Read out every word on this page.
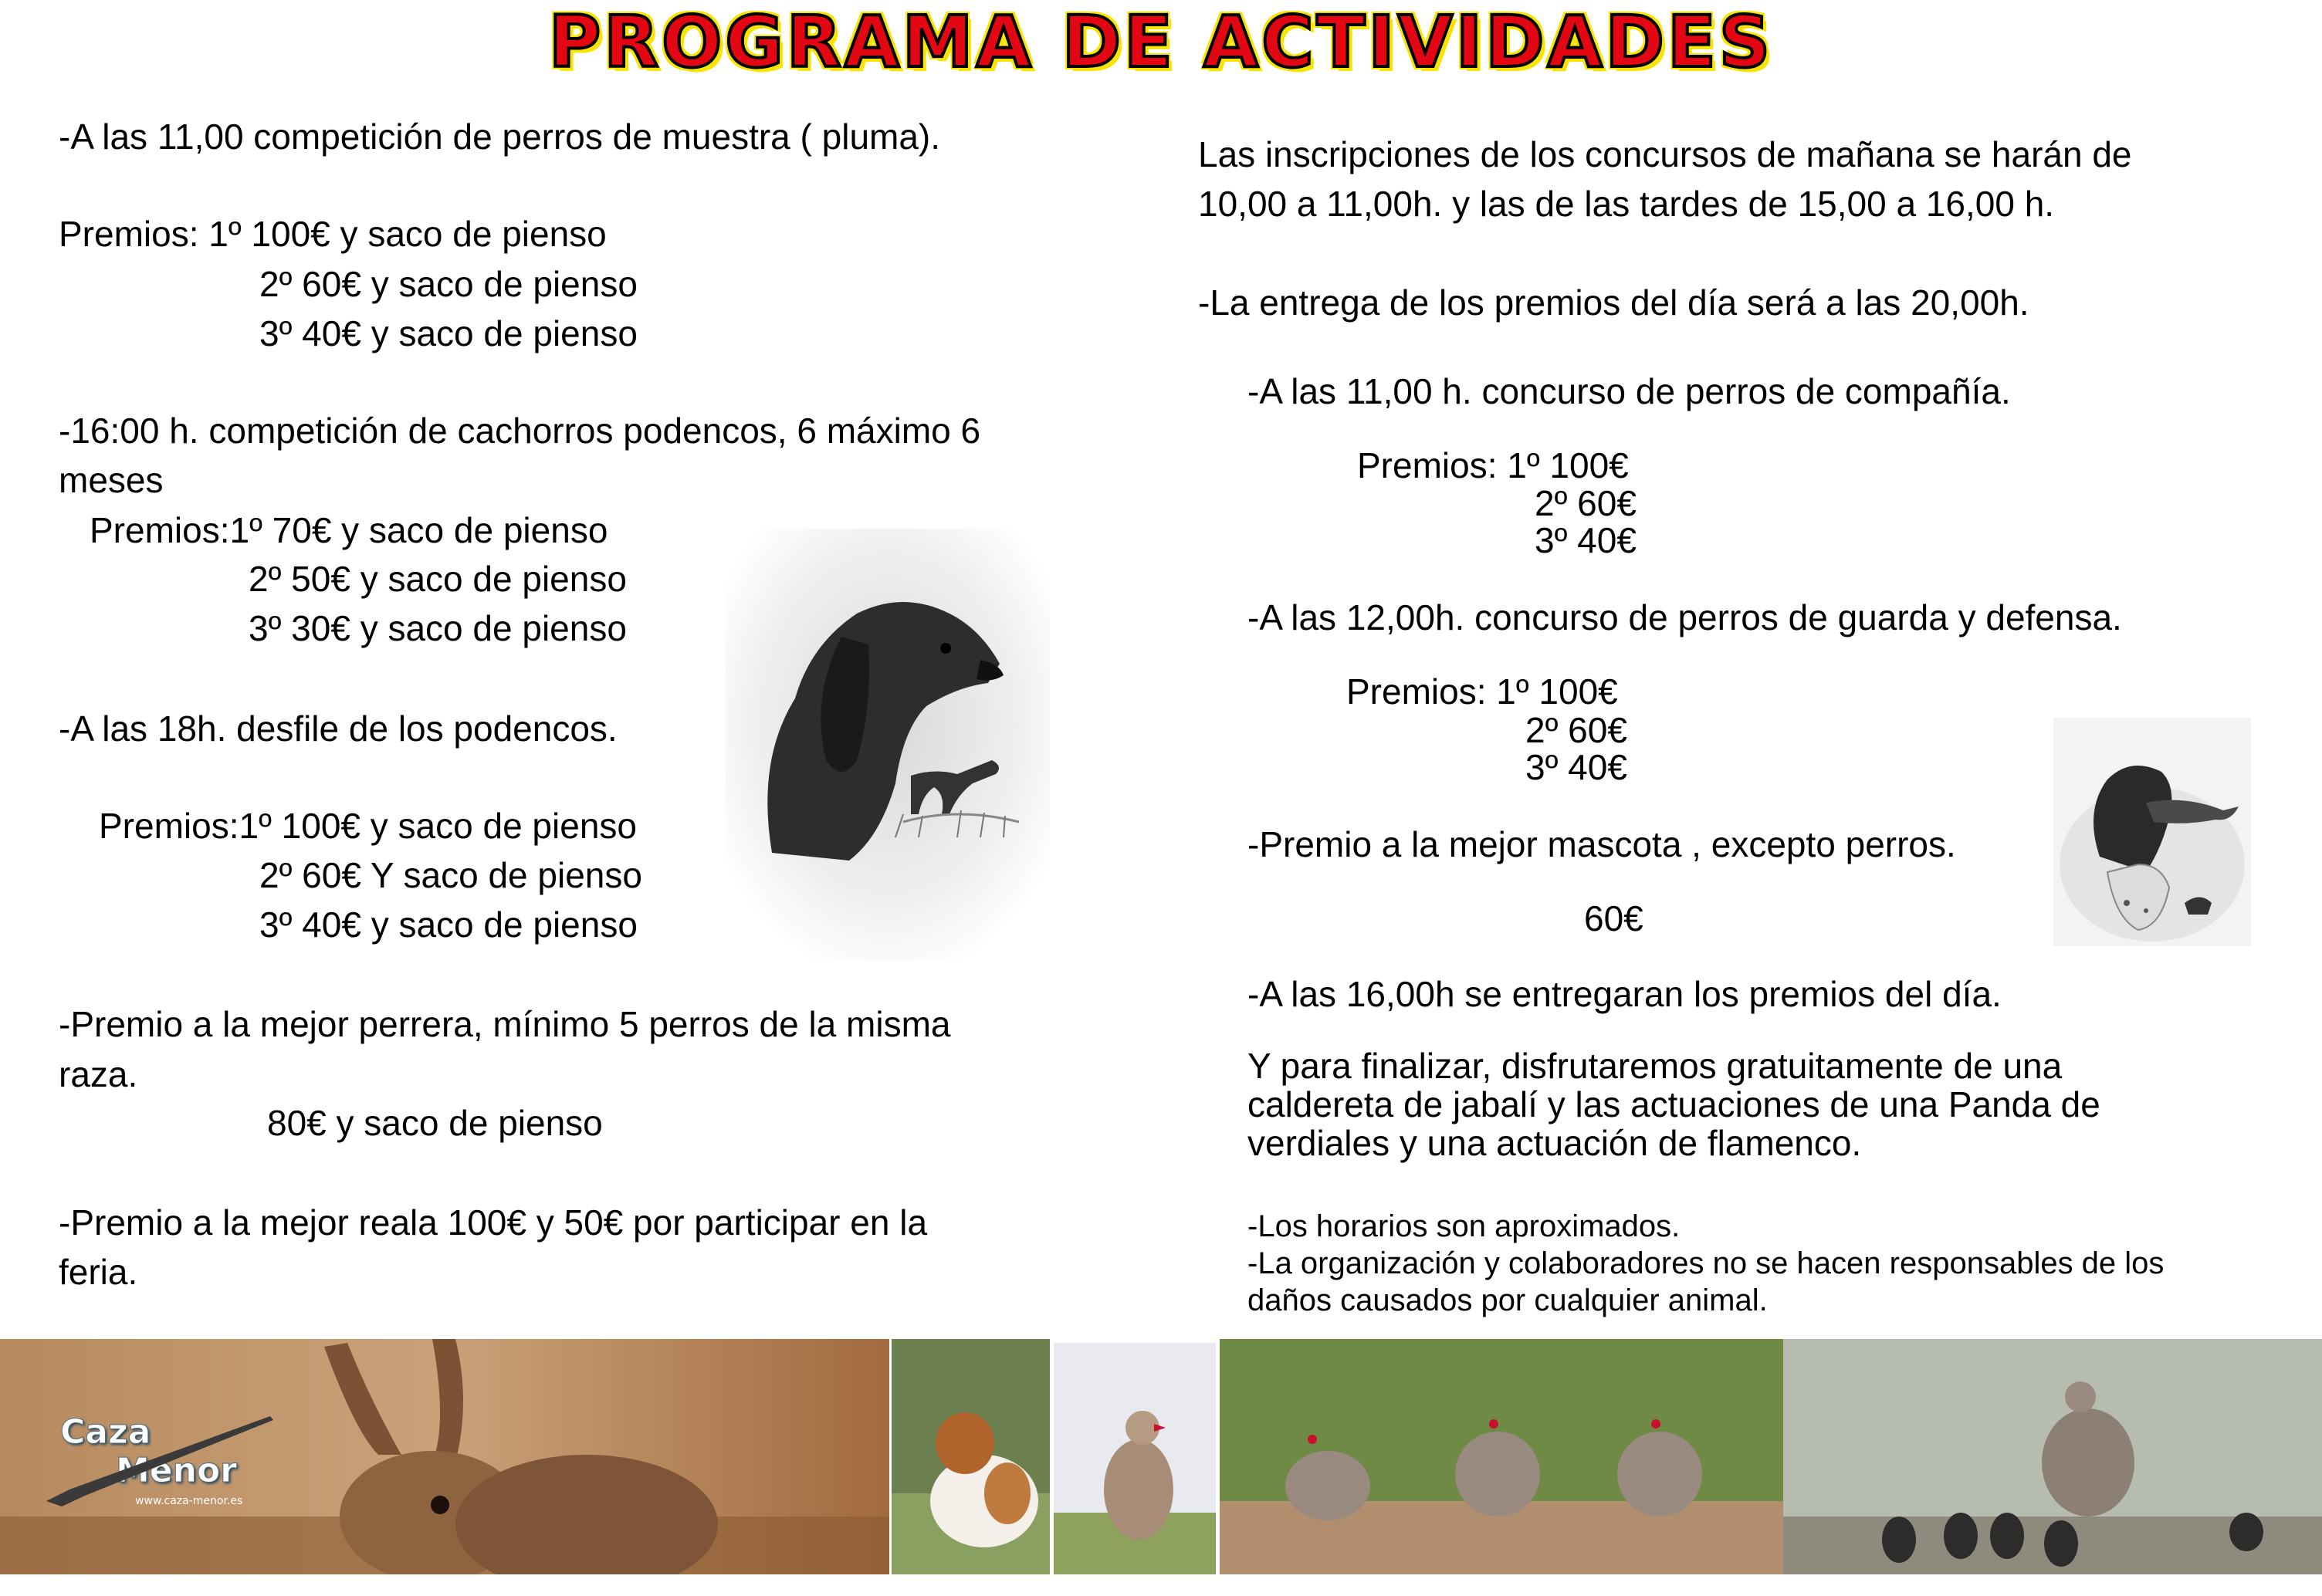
PROGRAMA DE ACTIVIDADES
-A las 11,00 competición de perros de muestra ( pluma).
Premios: 1º 100€ y saco de pienso
2º 60€ y saco de pienso
3º 40€ y saco de pienso
-16:00 h. competición de cachorros podencos, 6 máximo 6
meses
Premios:1º 70€ y saco de pienso
2º 50€ y saco de pienso
3º 30€ y saco de pienso
-A las 18h. desfile de los podencos.
Premios:1º 100€ y saco de pienso
2º 60€ Y saco de pienso
3º 40€ y saco de pienso
-Premio a la mejor perrera, mínimo 5 perros de la misma
raza.
80€ y saco de pienso
-Premio a la mejor reala 100€ y 50€ por participar en la
feria.
Las inscripciones de los concursos de mañana se harán de
10,00 a 11,00h. y las de las tardes de 15,00 a 16,00 h.
-La entrega de los premios del día será a las 20,00h.
-A las 11,00 h. concurso de perros de compañía.
Premios: 1º 100€
2º 60€
3º 40€
-A las 12,00h. concurso de perros de guarda y defensa.
Premios: 1º 100€
2º 60€
3º 40€
-Premio a la mejor mascota , excepto perros.
60€
-A las 16,00h se entregaran los premios del día.
Y para finalizar, disfrutaremos gratuitamente de una
caldereta de jabalí y las actuaciones de una Panda de
verdiales y una actuación de flamenco.
-Los horarios son aproximados.
-La organización y colaboradores no se hacen responsables de los
daños causados por cualquier animal.
Caza
Menor
www.caza-menor.es
